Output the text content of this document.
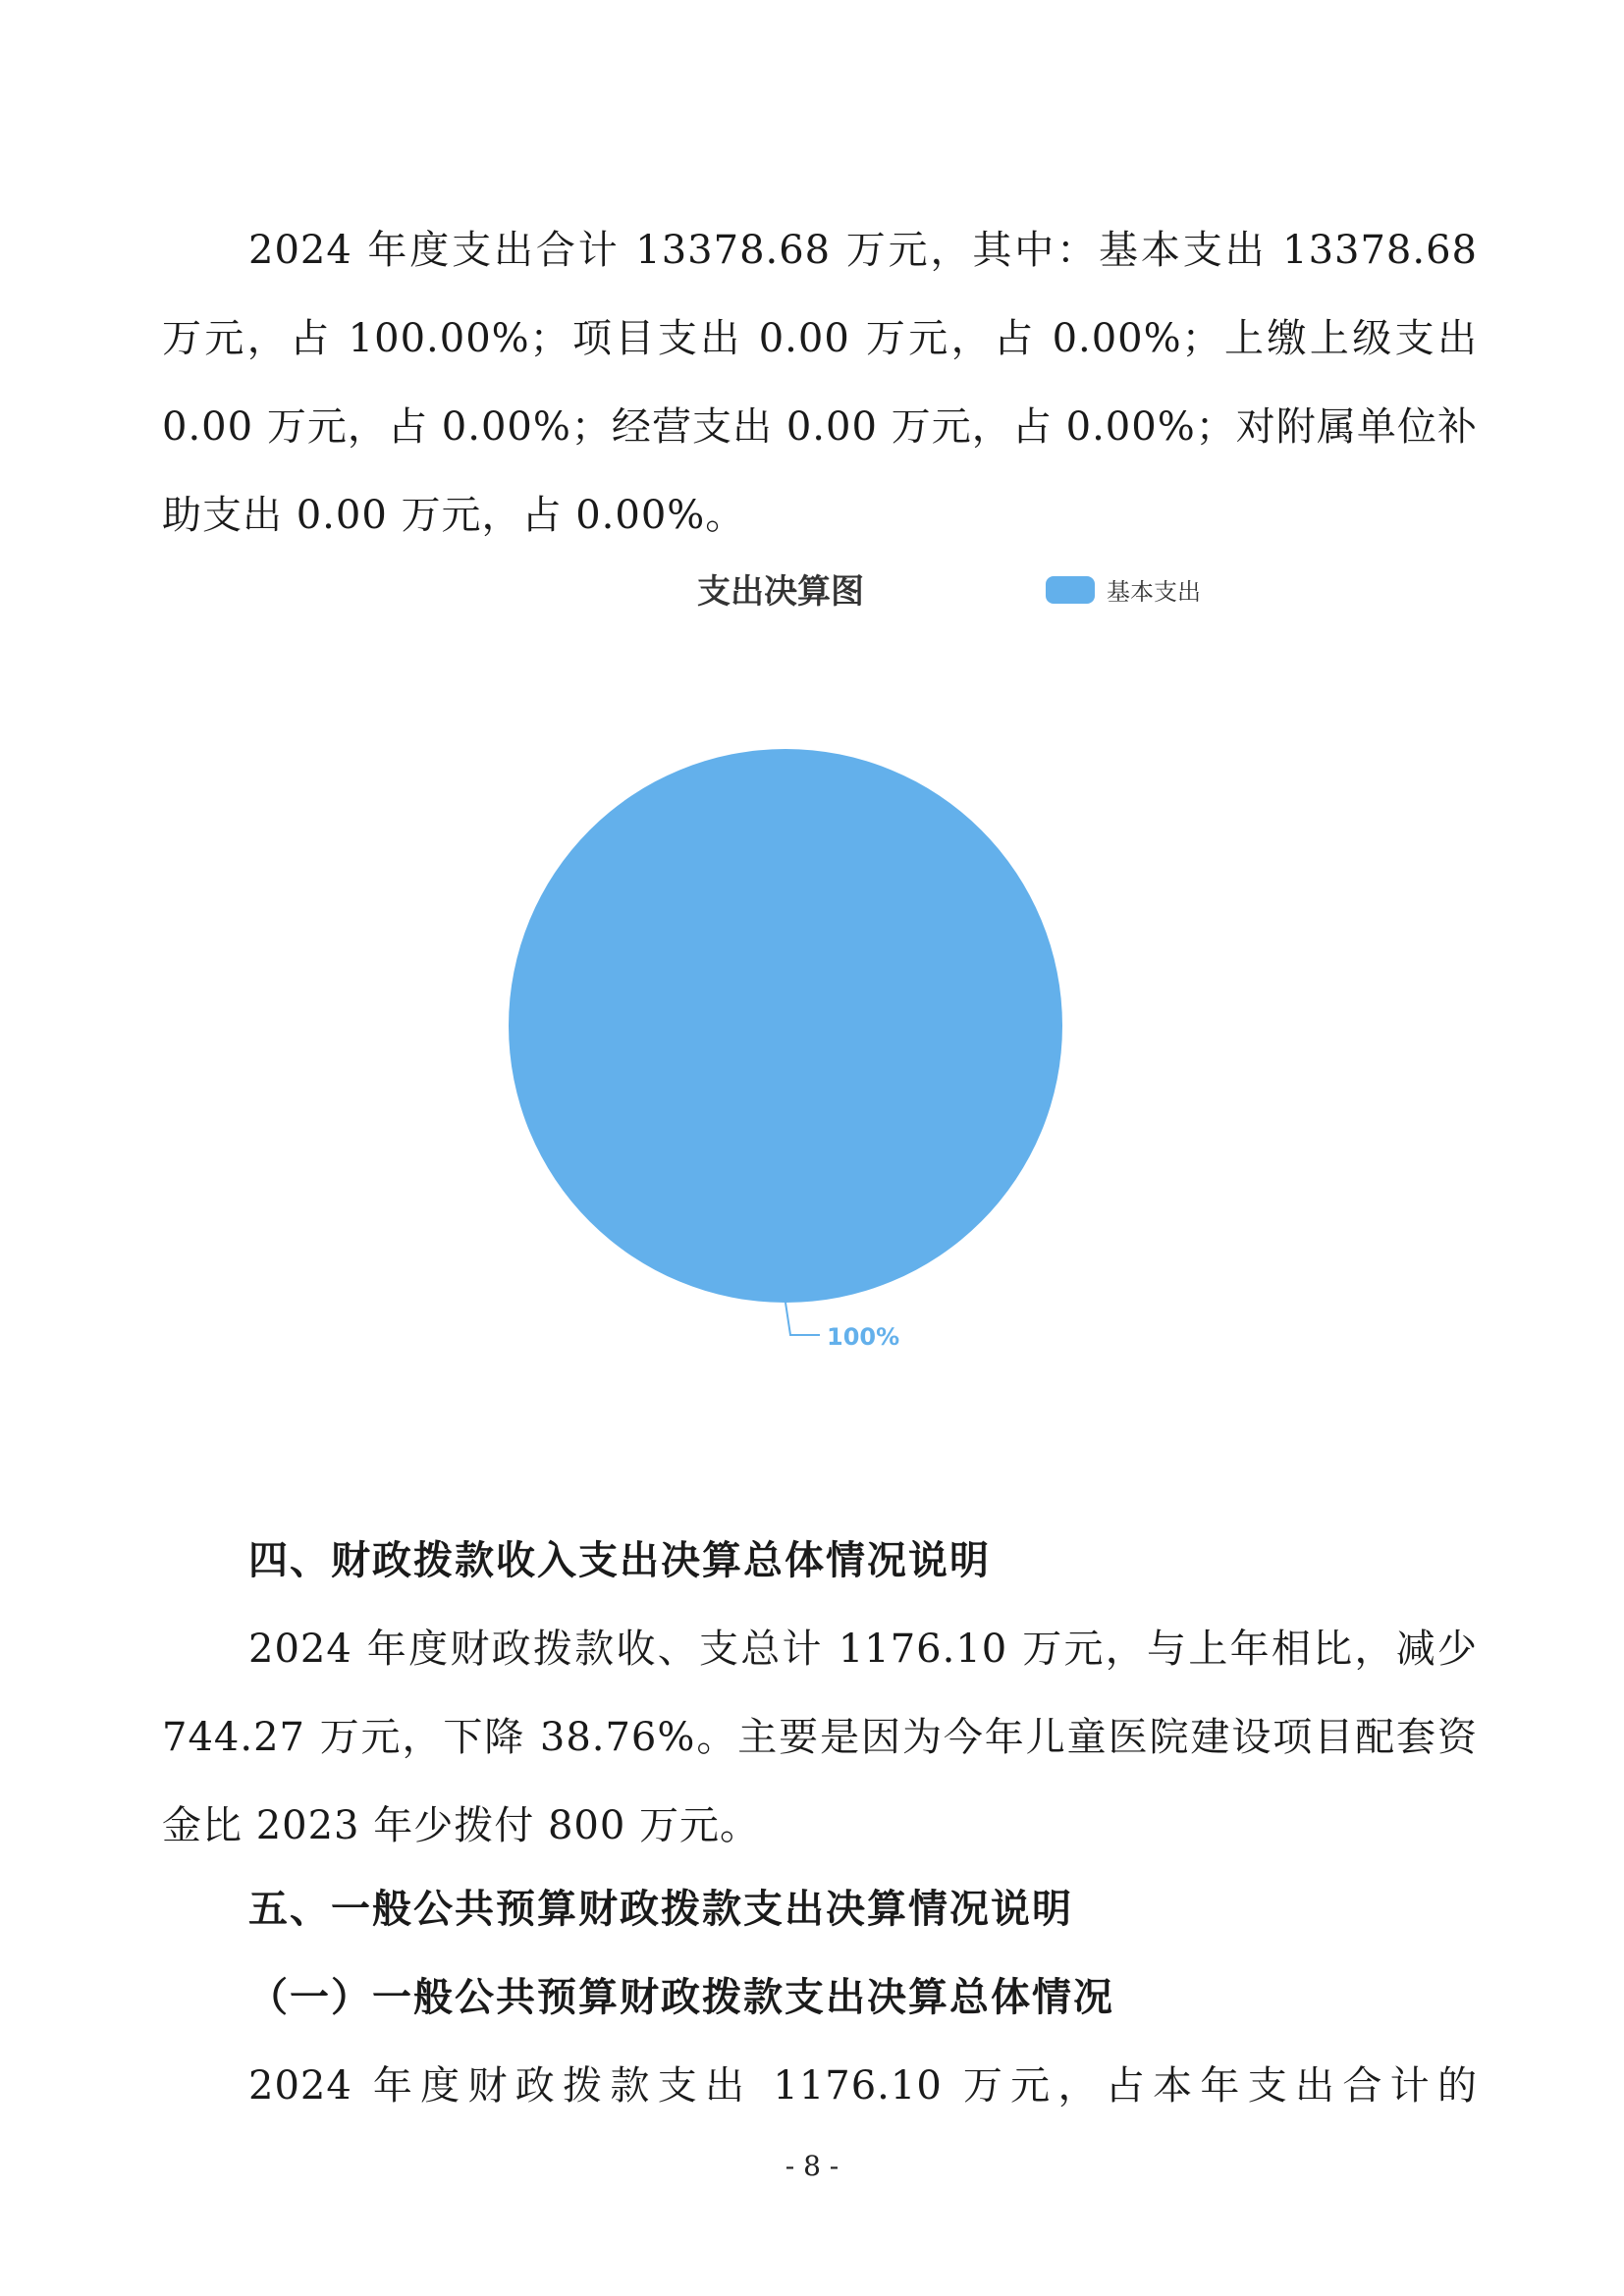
2024 年度支出合计 13378.68 万元，其中：基本支出 13378.68 万元，占 100.00%；项目支出 0.00 万元，占 0.00%；上缴上级支出 0.00 万元，占 0.00%；经营支出 0.00 万元，占 0.00%；对附属单位补助支出 0.00 万元，占 0.00%。

支出决算图	基本支出
100%
四、财政拨款收入支出决算总体情况说明

2024 年度财政拨款收、支总计 1176.10 万元，与上年相比，减少 744.27 万元，下降 38.76%。主要是因为今年儿童医院建设项目配套资金比 2023 年少拨付 800 万元。

五、一般公共预算财政拨款支出决算情况说明
（一）一般公共预算财政拨款支出决算总体情况

2024 年度财政拨款支出 1176.10 万元，占本年支出合计的

- 8 -
